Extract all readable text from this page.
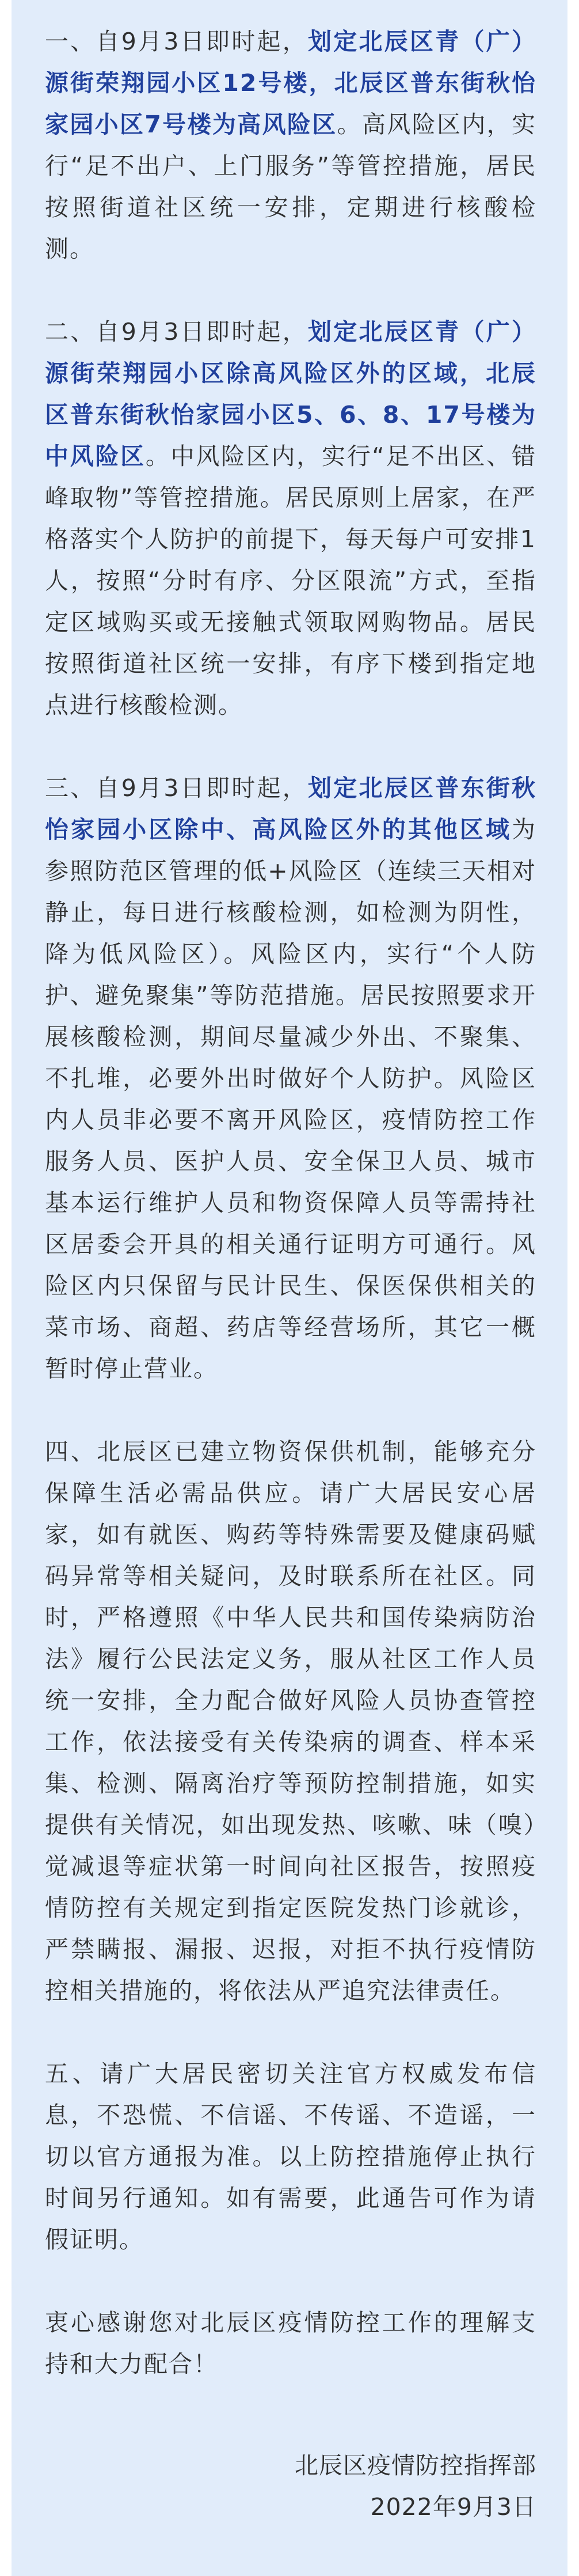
一、自9月3日即时起，划定北辰区青（广）源街荣翔园小区12号楼，北辰区普东街秋怡家园小区7号楼为高风险区。高风险区内，实行“足不出户、上门服务”等管控措施，居民按照街道社区统一安排，定期进行核酸检测。

二、自9月3日即时起，划定北辰区青（广）源街荣翔园小区除高风险区外的区域，北辰区普东街秋怡家园小区5、6、8、17号楼为中风险区。中风险区内，实行“足不出区、错峰取物”等管控措施。居民原则上居家，在严格落实个人防护的前提下，每天每户可安排1人，按照“分时有序、分区限流”方式，至指定区域购买或无接触式领取网购物品。居民按照街道社区统一安排，有序下楼到指定地点进行核酸检测。

三、自9月3日即时起，划定北辰区普东街秋怡家园小区除中、高风险区外的其他区域为参照防范区管理的低+风险区（连续三天相对静止，每日进行核酸检测，如检测为阴性，降为低风险区）。风险区内，实行“个人防护、避免聚集”等防范措施。居民按照要求开展核酸检测，期间尽量减少外出、不聚集、不扎堆，必要外出时做好个人防护。风险区内人员非必要不离开风险区，疫情防控工作服务人员、医护人员、安全保卫人员、城市基本运行维护人员和物资保障人员等需持社区居委会开具的相关通行证明方可通行。风险区内只保留与民计民生、保医保供相关的菜市场、商超、药店等经营场所，其它一概暂时停止营业。

四、北辰区已建立物资保供机制，能够充分保障生活必需品供应。请广大居民安心居家，如有就医、购药等特殊需要及健康码赋码异常等相关疑问，及时联系所在社区。同时，严格遵照《中华人民共和国传染病防治法》履行公民法定义务，服从社区工作人员统一安排，全力配合做好风险人员协查管控工作，依法接受有关传染病的调查、样本采集、检测、隔离治疗等预防控制措施，如实提供有关情况，如出现发热、咳嗽、味（嗅）觉减退等症状第一时间向社区报告，按照疫情防控有关规定到指定医院发热门诊就诊，严禁瞒报、漏报、迟报，对拒不执行疫情防控相关措施的，将依法从严追究法律责任。

五、请广大居民密切关注官方权威发布信息，不恐慌、不信谣、不传谣、不造谣，一切以官方通报为准。以上防控措施停止执行时间另行通知。如有需要，此通告可作为请假证明。

衷心感谢您对北辰区疫情防控工作的理解支持和大力配合！

北辰区疫情防控指挥部

2022年9月3日
